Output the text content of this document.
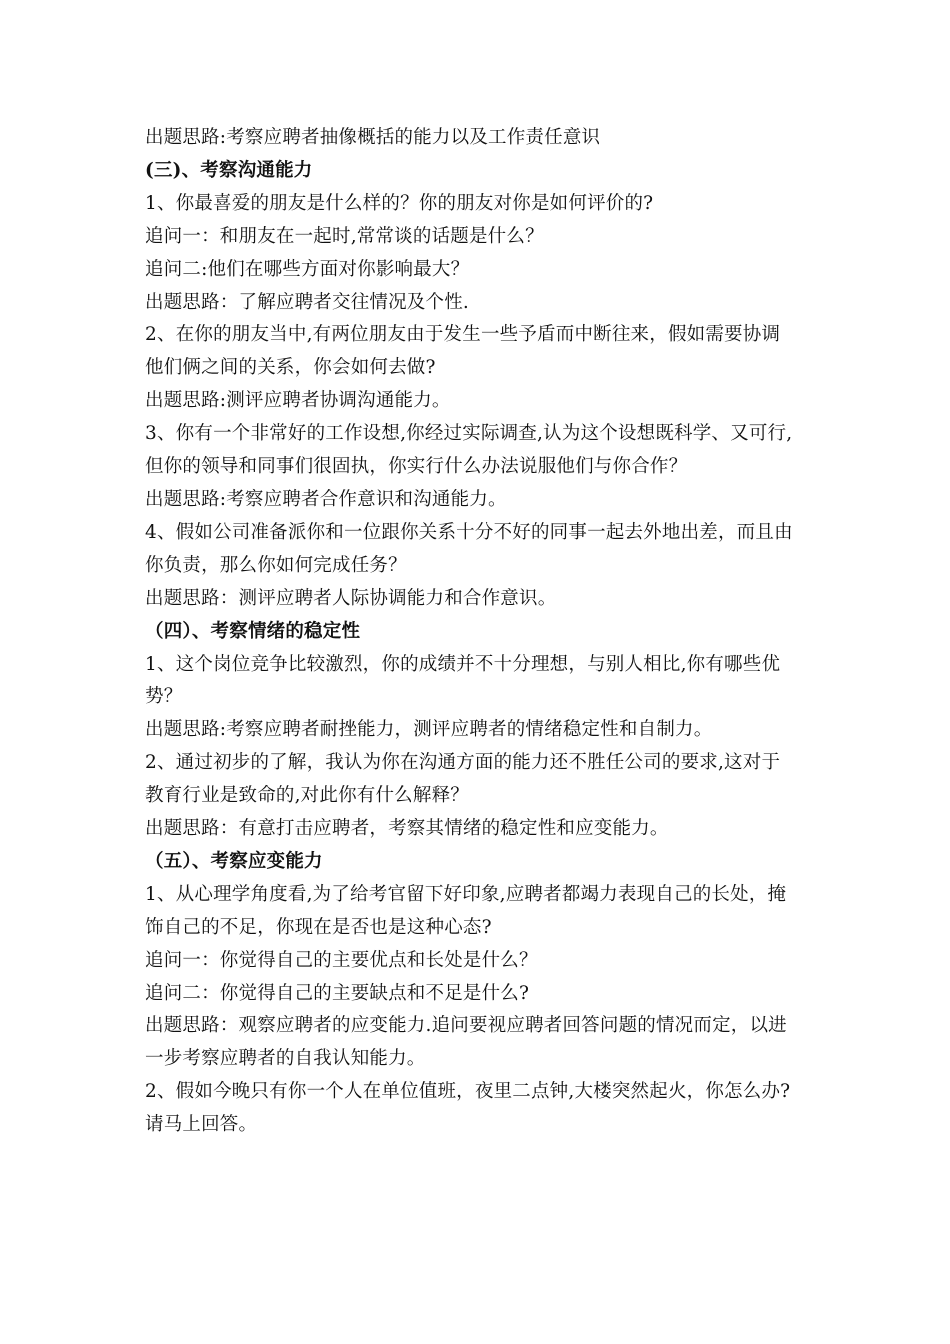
出题思路:考察应聘者抽像概括的能力以及工作责任意识
(三)、考察沟通能力
1、你最喜爱的朋友是什么样的？你的朋友对你是如何评价的?
追问一：和朋友在一起时,常常谈的话题是什么？
追问二:他们在哪些方面对你影响最大？
出题思路：了解应聘者交往情况及个性.
2、在你的朋友当中,有两位朋友由于发生一些予盾而中断往来，假如需要协调
他们俩之间的关系，你会如何去做?
出题思路:测评应聘者协调沟通能力。
3、你有一个非常好的工作设想,你经过实际调查,认为这个设想既科学、又可行,
但你的领导和同事们很固执，你实行什么办法说服他们与你合作？
出题思路:考察应聘者合作意识和沟通能力。
4、假如公司准备派你和一位跟你关系十分不好的同事一起去外地出差，而且由
你负责，那么你如何完成任务？
出题思路：测评应聘者人际协调能力和合作意识。
（四）、考察情绪的稳定性
1、这个岗位竞争比较激烈，你的成绩并不十分理想，与别人相比,你有哪些优
势？
出题思路:考察应聘者耐挫能力，测评应聘者的情绪稳定性和自制力。
2、通过初步的了解，我认为你在沟通方面的能力还不胜任公司的要求,这对于
教育行业是致命的,对此你有什么解释？
出题思路：有意打击应聘者，考察其情绪的稳定性和应变能力。
（五）、考察应变能力
1、从心理学角度看,为了给考官留下好印象,应聘者都竭力表现自己的长处，掩
饰自己的不足，你现在是否也是这种心态?
追问一：你觉得自己的主要优点和长处是什么？
追问二：你觉得自己的主要缺点和不足是什么?
出题思路：观察应聘者的应变能力.追问要视应聘者回答问题的情况而定，以进
一步考察应聘者的自我认知能力。
2、假如今晚只有你一个人在单位值班，夜里二点钟,大楼突然起火，你怎么办?
请马上回答。
